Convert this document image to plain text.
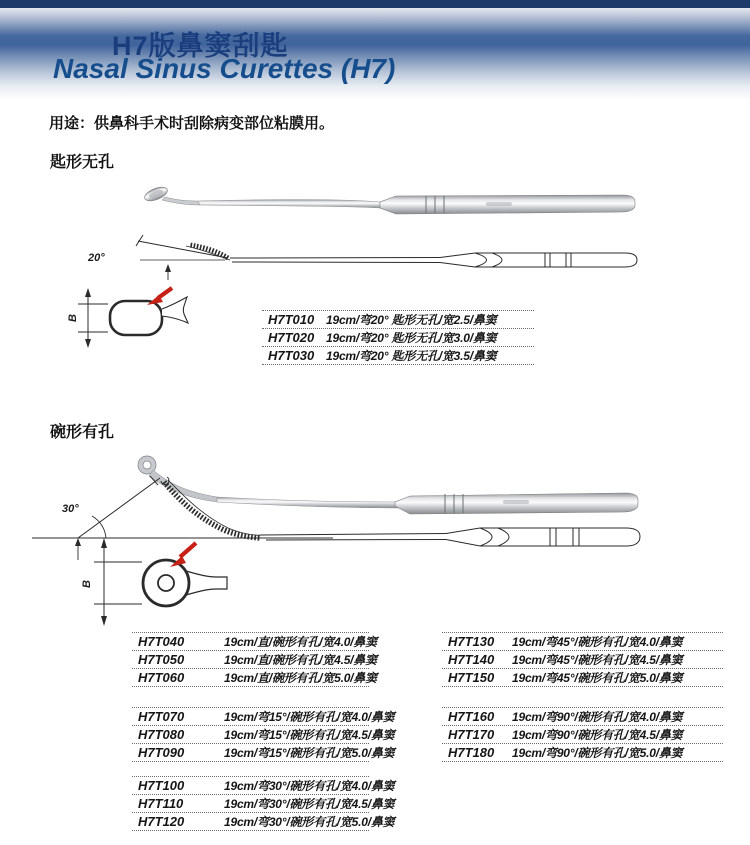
H7版鼻窦刮匙
Nasal Sinus Curettes (H7)
用途：供鼻科手术时刮除病变部位粘膜用。
匙形无孔
20°
B	H7T010 19cm/弯20° 匙形无孔/宽2.5/鼻窦
H7T020 19cm/弯20° 匙形无孔/宽3.0/鼻窦
H7T030 19cm/弯20° 匙形无孔/宽3.5/鼻窦
碗形有孔
30°
B
H7T040	19cm/直/碗形有孔/宽4.0/鼻窦
H7T050	19cm/直/碗形有孔/宽4.5/鼻窦
H7T060	19cm/直/碗形有孔/宽5.0/鼻窦
H7T070	19cm/弯15°/碗形有孔/宽4.0/鼻窦
H7T080	19cm/弯15°/碗形有孔/宽4.5/鼻窦
H7T090	19cm/弯15°/碗形有孔/宽5.0/鼻窦
H7T100	19cm/弯30°/碗形有孔/宽4.0/鼻窦
H7T110	19cm/弯30°/碗形有孔/宽4.5/鼻窦
H7T120	19cm/弯30°/碗形有孔/宽5.0/鼻窦
H7T130	19cm/弯45°/碗形有孔/宽4.0/鼻窦
H7T140	19cm/弯45°/碗形有孔/宽4.5/鼻窦
H7T150	19cm/弯45°/碗形有孔/宽5.0/鼻窦
H7T160	19cm/弯90°/碗形有孔/宽4.0/鼻窦
H7T170	19cm/弯90°/碗形有孔/宽4.5/鼻窦
H7T180	19cm/弯90°/碗形有孔/宽5.0/鼻窦
